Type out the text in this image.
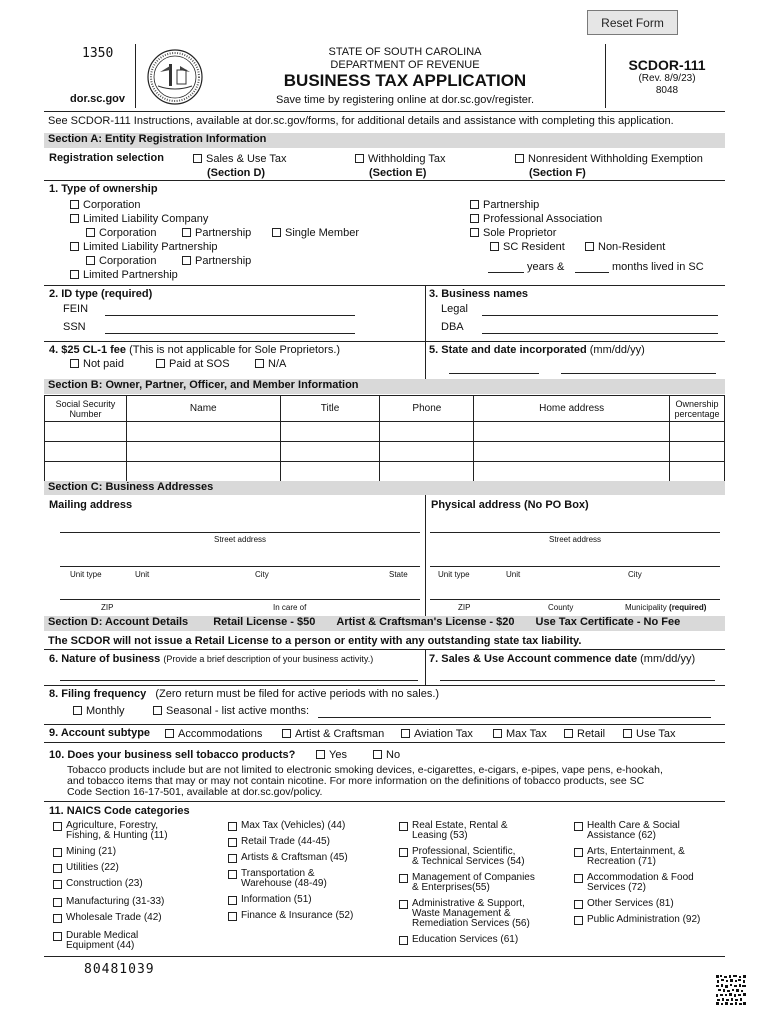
Reset Form
1350
dor.sc.gov
STATE OF SOUTH CAROLINA
DEPARTMENT OF REVENUE
BUSINESS TAX APPLICATION
Save time by registering online at dor.sc.gov/register.
SCDOR-111
(Rev. 8/9/23)
8048
See SCDOR-111 Instructions, available at dor.sc.gov/forms, for additional details and assistance with completing this application.
Section A: Entity Registration Information
Registration selection	Sales & Use Tax
(Section D)
Withholding Tax
(Section E)
Nonresident Withholding Exemption
(Section F)
1. Type of ownership
Corporation
Limited Liability Company
Corporation	Partnership	Single Member
Limited Liability Partnership
Corporation	Partnership
Limited Partnership
Partnership
Professional Association
Sole Proprietor
SC Resident	Non-Resident
years &	months lived in SC
2. ID type (required)
FEIN
SSN
3. Business names
Legal
DBA
4. $25 CL-1 fee (This is not applicable for Sole Proprietors.)
Not paid	Paid at SOS	N/A
5. State and date incorporated (mm/dd/yy)
Section B: Owner, Partner, Officer, and Member Information
Social Security Number	Name	Title	Phone	Home address	Ownership percentage

Section C: Business Addresses
Mailing address	Physical address (No PO Box)
Street address	Street address
Unit type	Unit	City	State	Unit type	Unit	City
ZIP	In care of	ZIP	County	Municipality (required)
Section D: Account Details Retail License - $50 Artist & Craftsman's License - $20 Use Tax Certificate - No Fee
The SCDOR will not issue a Retail License to a person or entity with any outstanding state tax liability.
6. Nature of business (Provide a brief description of your business activity.)	7. Sales & Use Account commence date (mm/dd/yy)
8. Filing frequency (Zero return must be filed for active periods with no sales.)
Monthly	Seasonal - list active months:
9. Account subtype	Accommodations	Artist & Craftsman	Aviation Tax	Max Tax	Retail	Use Tax
10. Does your business sell tobacco products?	Yes	No
Tobacco products include but are not limited to electronic smoking devices, e-cigarettes, e-cigars, e-pipes, vape pens, e-hookah,
and tobacco items that may or may not contain nicotine. For more information on the definitions of tobacco products, see SC
Code Section 16-17-501, available at dor.sc.gov/policy.
11. NAICS Code categories
Agriculture, Forestry,
Fishing, & Hunting (11)
Mining (21)
Utilities (22)
Construction (23)
Manufacturing (31-33)
Wholesale Trade (42)
Durable Medical
Equipment (44)
Max Tax (Vehicles) (44)
Retail Trade (44-45)
Artists & Craftsman (45)
Transportation &
Warehouse (48-49)
Information (51)
Finance & Insurance (52)
Real Estate, Rental &
Leasing (53)
Professional, Scientific,
& Technical Services (54)
Management of Companies
& Enterprises(55)
Administrative & Support,
Waste Management &
Remediation Services (56)
Education Services (61)
Health Care & Social
Assistance (62)
Arts, Entertainment, &
Recreation (71)
Accommodation & Food
Services (72)
Other Services (81)
Public Administration (92)
80481039
